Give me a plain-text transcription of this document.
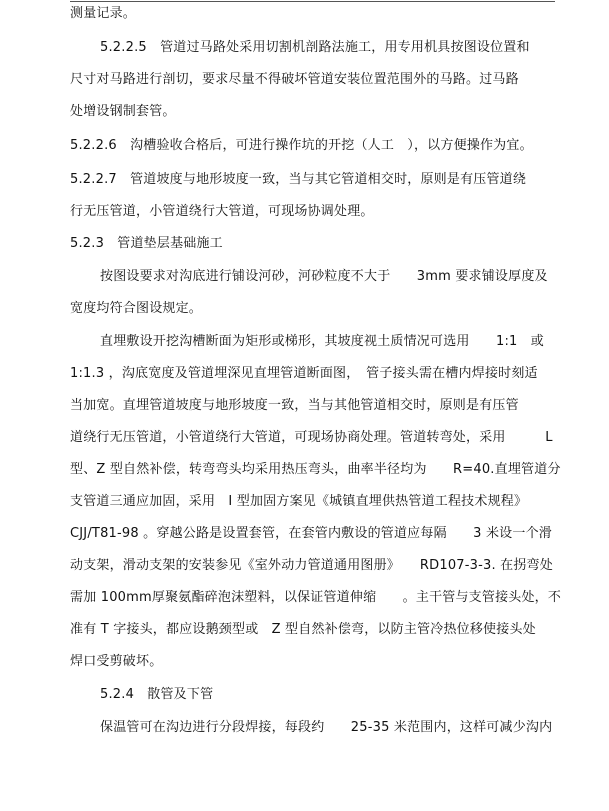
测量记录。
5.2.2.5　管道过马路处采用切割机剖路法施工，用专用机具按图设位置和
尺寸对马路进行剖切，要求尽量不得破坏管道安装位置范围外的马路。过马路
处增设钢制套管。
5.2.2.6　沟槽验收合格后，可进行操作坑的开挖（人工　），以方便操作为宜。
5.2.2.7　管道坡度与地形坡度一致，当与其它管道相交时，原则是有压管道绕
行无压管道，小管道绕行大管道，可现场协调处理。
5.2.3　管道垫层基础施工
按图设要求对沟底进行铺设河砂，河砂粒度不大于　　3mm 要求铺设厚度及
宽度均符合图设规定。
直埋敷设开挖沟槽断面为矩形或梯形，其坡度视土质情况可选用　　1:1　或
1:1.3 ，沟底宽度及管道埋深见直埋管道断面图，　管子接头需在槽内焊接时刻适
当加宽。直埋管道坡度与地形坡度一致，当与其他管道相交时，原则是有压管
道绕行无压管道，小管道绕行大管道，可现场协商处理。管道转弯处，采用　　　L
型、Z 型自然补偿，转弯弯头均采用热压弯头，曲率半径均为　　R=40.直埋管道分
支管道三通应加固，采用　I 型加固方案见《城镇直埋供热管道工程技术规程》
CJJ/T81-98 。穿越公路是设置套管，在套管内敷设的管道应每隔　　3 米设一个滑
动支架，滑动支架的安装参见《室外动力管道通用图册》　　RD107-3-3. 在拐弯处
需加 100mm厚聚氨酯碎泡沫塑料，以保证管道伸缩　　。主干管与支管接头处，不
准有 T 字接头，都应设鹅颈型或　Z 型自然补偿弯，以防主管冷热位移使接头处
焊口受剪破坏。
5.2.4　散管及下管
保温管可在沟边进行分段焊接，每段约　　25-35 米范围内，这样可减少沟内
